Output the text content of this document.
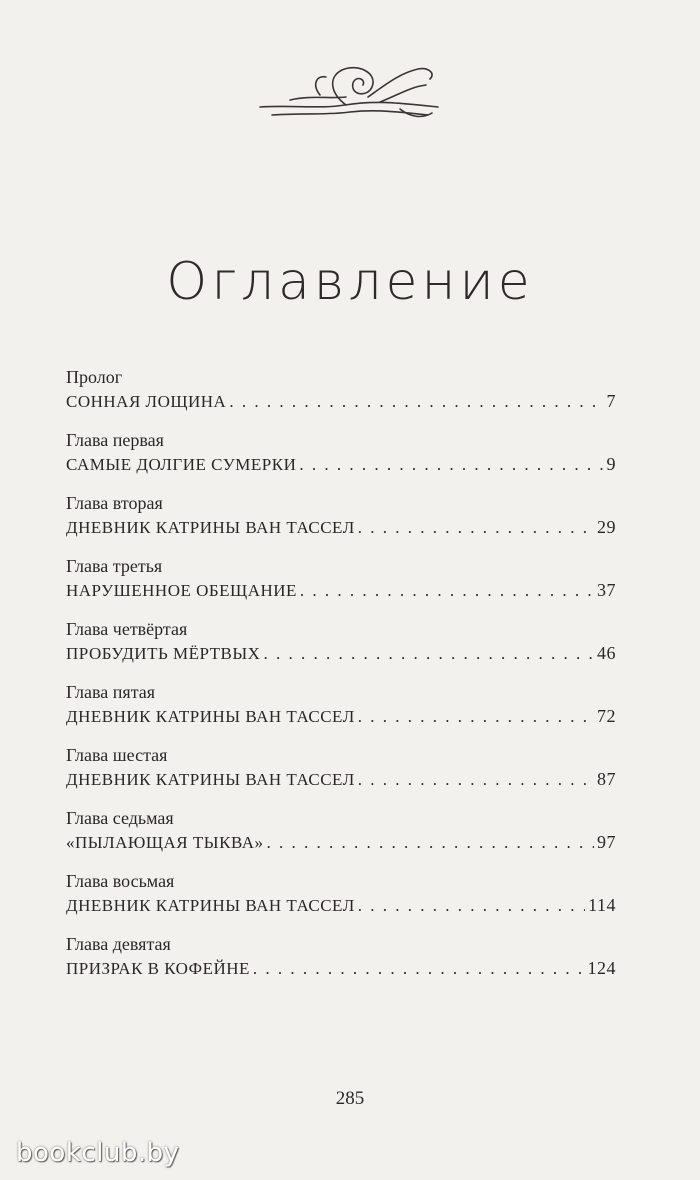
Оглавление
Пролог
СОННАЯ ЛОЩИНА . . .	7
Глава первая
САМЫЕ ДОЛГИЕ СУМЕРКИ . . .	9
Глава вторая
ДНЕВНИК КАТРИНЫ ВАН ТАССЕЛ . . .	29
Глава третья
НАРУШЕННОЕ ОБЕЩАНИЕ . . .	37
Глава четвёртая
ПРОБУДИТЬ МЁРТВЫХ . . .	46
Глава пятая
ДНЕВНИК КАТРИНЫ ВАН ТАССЕЛ . . .	72
Глава шестая
ДНЕВНИК КАТРИНЫ ВАН ТАССЕЛ . . .	87
Глава седьмая
«ПЫЛАЮЩАЯ ТЫКВА» . . .	97
Глава восьмая
ДНЕВНИК КАТРИНЫ ВАН ТАССЕЛ . . .	114
Глава девятая
ПРИЗРАК В КОФЕЙНЕ . . .	124
285
bookclub.by
